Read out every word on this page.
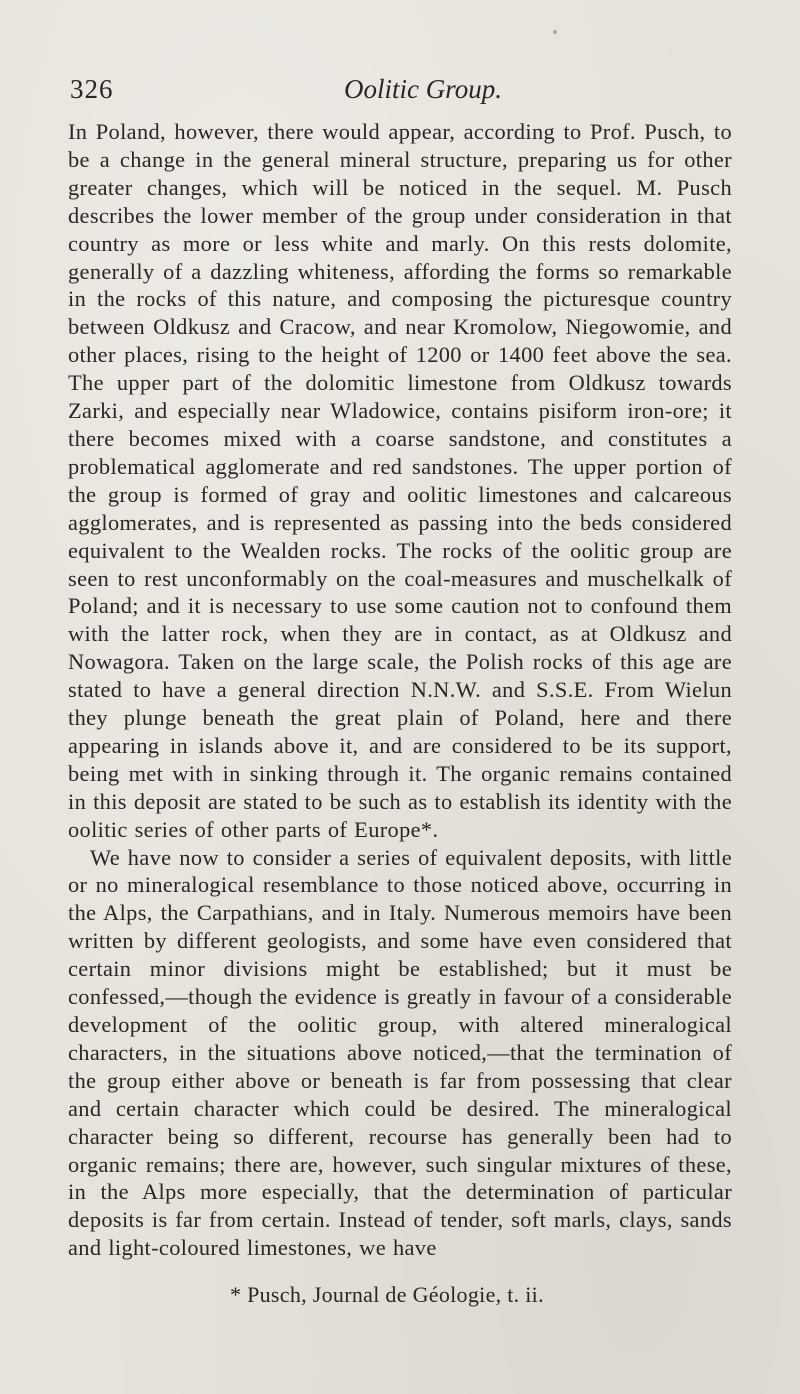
326	Oolitic Group.

In Poland, however, there would appear, according to Prof. Pusch, to be a change in the general mineral structure, preparing us for other greater changes, which will be noticed in the sequel. M. Pusch describes the lower member of the group under consideration in that country as more or less white and marly. On this rests dolomite, generally of a dazzling whiteness, affording the forms so remarkable in the rocks of this nature, and composing the picturesque country between Oldkusz and Cracow, and near Kromolow, Niegowomie, and other places, rising to the height of 1200 or 1400 feet above the sea. The upper part of the dolomitic limestone from Oldkusz towards Zarki, and especially near Wladowice, contains pisiform iron-ore; it there becomes mixed with a coarse sandstone, and constitutes a problematical agglomerate and red sandstones. The upper portion of the group is formed of gray and oolitic limestones and calcareous agglomerates, and is represented as passing into the beds considered equivalent to the Wealden rocks. The rocks of the oolitic group are seen to rest unconformably on the coal-measures and muschelkalk of Poland; and it is necessary to use some caution not to confound them with the latter rock, when they are in contact, as at Oldkusz and Nowagora. Taken on the large scale, the Polish rocks of this age are stated to have a general direction N.N.W. and S.S.E. From Wielun they plunge beneath the great plain of Poland, here and there appearing in islands above it, and are considered to be its support, being met with in sinking through it. The organic remains contained in this deposit are stated to be such as to establish its identity with the oolitic series of other parts of Europe*.

We have now to consider a series of equivalent deposits, with little or no mineralogical resemblance to those noticed above, occurring in the Alps, the Carpathians, and in Italy. Numerous memoirs have been written by different geologists, and some have even considered that certain minor divisions might be established; but it must be confessed,—though the evidence is greatly in favour of a considerable development of the oolitic group, with altered mineralogical characters, in the situations above noticed,—that the termination of the group either above or beneath is far from possessing that clear and certain character which could be desired. The mineralogical character being so different, recourse has generally been had to organic remains; there are, however, such singular mixtures of these, in the Alps more especially, that the determination of particular deposits is far from certain. Instead of tender, soft marls, clays, sands and light-coloured limestones, we have

* Pusch, Journal de Géologie, t. ii.
